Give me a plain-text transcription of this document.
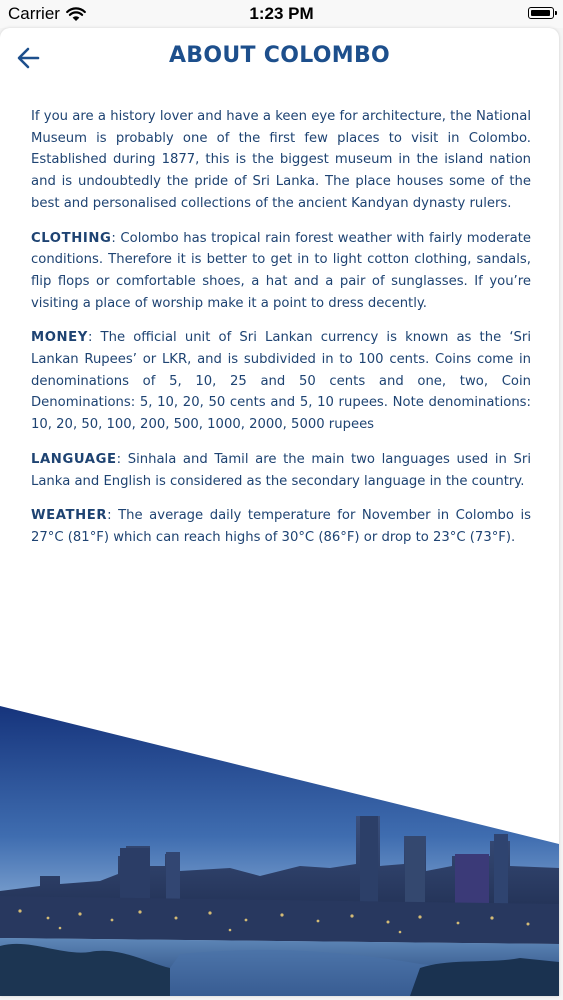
Carrier	1:23 PM
ABOUT COLOMBO

If you are a history lover and have a keen eye for architecture, the National Museum is probably one of the first few places to visit in Colombo. Established during 1877, this is the biggest museum in the island nation and is undoubtedly the pride of Sri Lanka. The place houses some of the best and personalised collections of the ancient Kandyan dynasty rulers.

CLOTHING: Colombo has tropical rain forest weather with fairly moderate conditions. Therefore it is better to get in to light cotton clothing, sandals, flip flops or comfortable shoes, a hat and a pair of sunglasses. If you’re visiting a place of worship make it a point to dress decently.

MONEY: The official unit of Sri Lankan currency is known as the ‘Sri Lankan Rupees’ or LKR, and is subdivided in to 100 cents. Coins come in denominations of 5, 10, 25 and 50 cents and one, two, Coin Denominations: 5, 10, 20, 50 cents and 5, 10 rupees. Note denominations: 10, 20, 50, 100, 200, 500, 1000, 2000, 5000 rupees

LANGUAGE: Sinhala and Tamil are the main two languages used in Sri Lanka and English is considered as the secondary language in the country.

WEATHER: The average daily temperature for November in Colombo is 27°C (81°F) which can reach highs of 30°C (86°F) or drop to 23°C (73°F).
